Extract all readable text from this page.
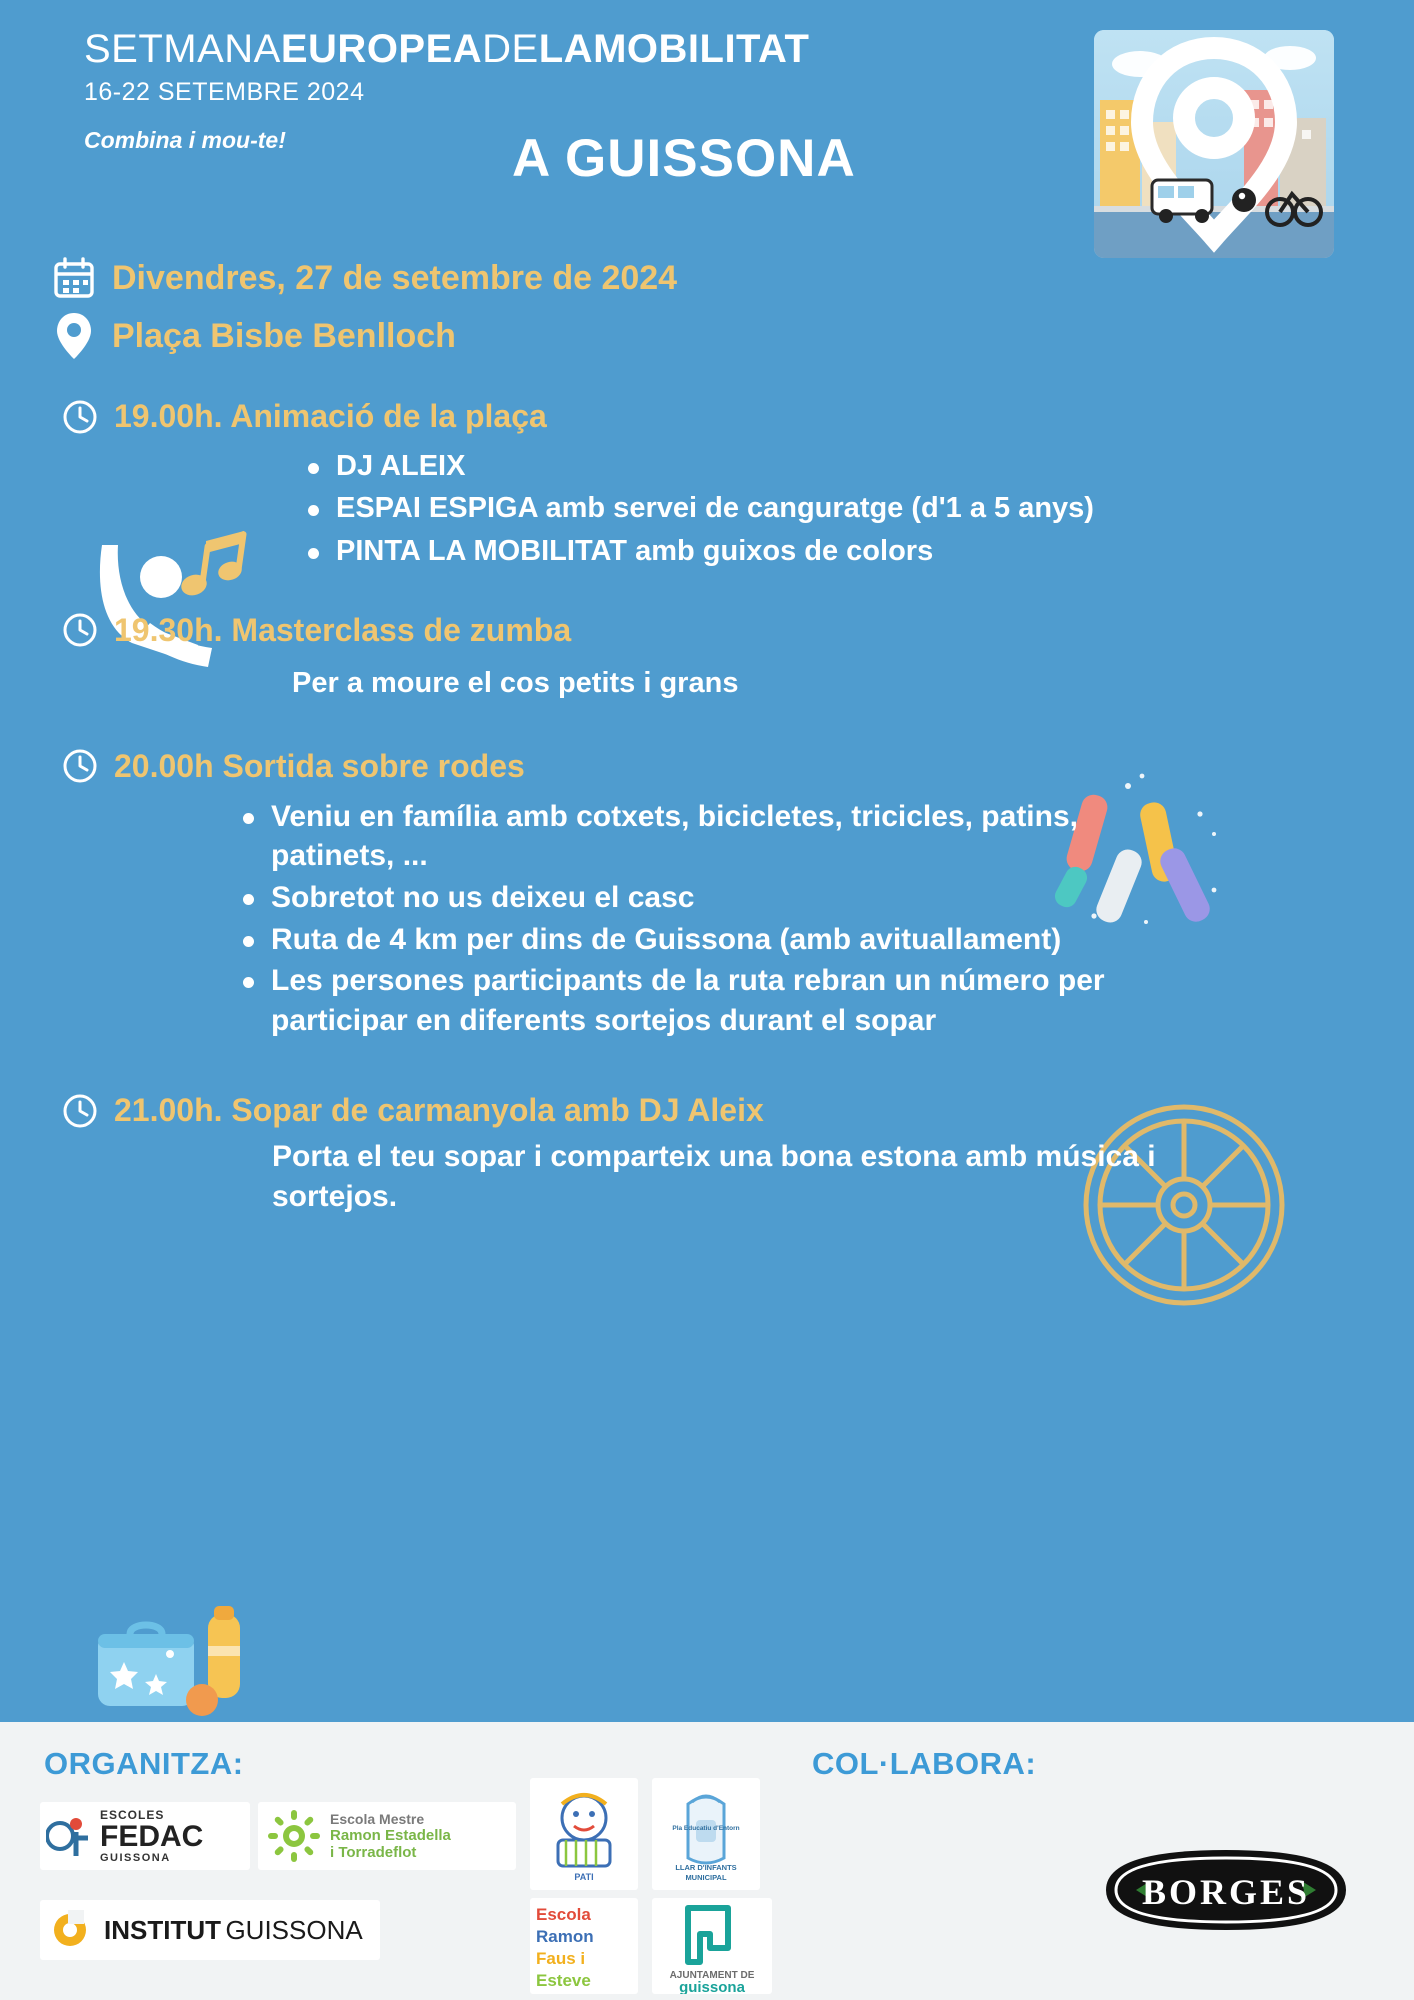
SETMANAEUROPEADELAMOBILITAT
16-22 SETEMBRE 2024
Combina i mou-te!	A GUISSONA
Divendres, 27 de setembre de 2024
Plaça Bisbe Benlloch
19.00h. Animació de la plaça
DJ ALEIX
ESPAI ESPIGA amb servei de canguratge (d'1 a 5 anys)
PINTA LA MOBILITAT amb guixos de colors
19.30h. Masterclass de zumba
Per a moure el cos petits i grans
20.00h Sortida sobre rodes
Veniu en família amb cotxets, bicicletes, tricicles, patins, patinets, ...
Sobretot no us deixeu el casc
Ruta de 4 km per dins de Guissona (amb avituallament)
Les persones participants de la ruta rebran un número per participar en diferents sortejos durant el sopar
21.00h. Sopar de carmanyola amb DJ Aleix
Porta el teu sopar i comparteix una bona estona amb música i sortejos.
ORGANITZA:	COL·LABORA:
ESCOLES
FEDAC
GUISSONA
Escola Mestre
Ramon Estadella
i Torradeflot
INSTITUT GUISSONA
PATI
Pla Educatiu d'Entorn
LLAR D'INFANTS
MUNICIPAL
Escola
Ramon
Faus i
Esteve	AJUNTAMENT DE
guissona
BORGES
